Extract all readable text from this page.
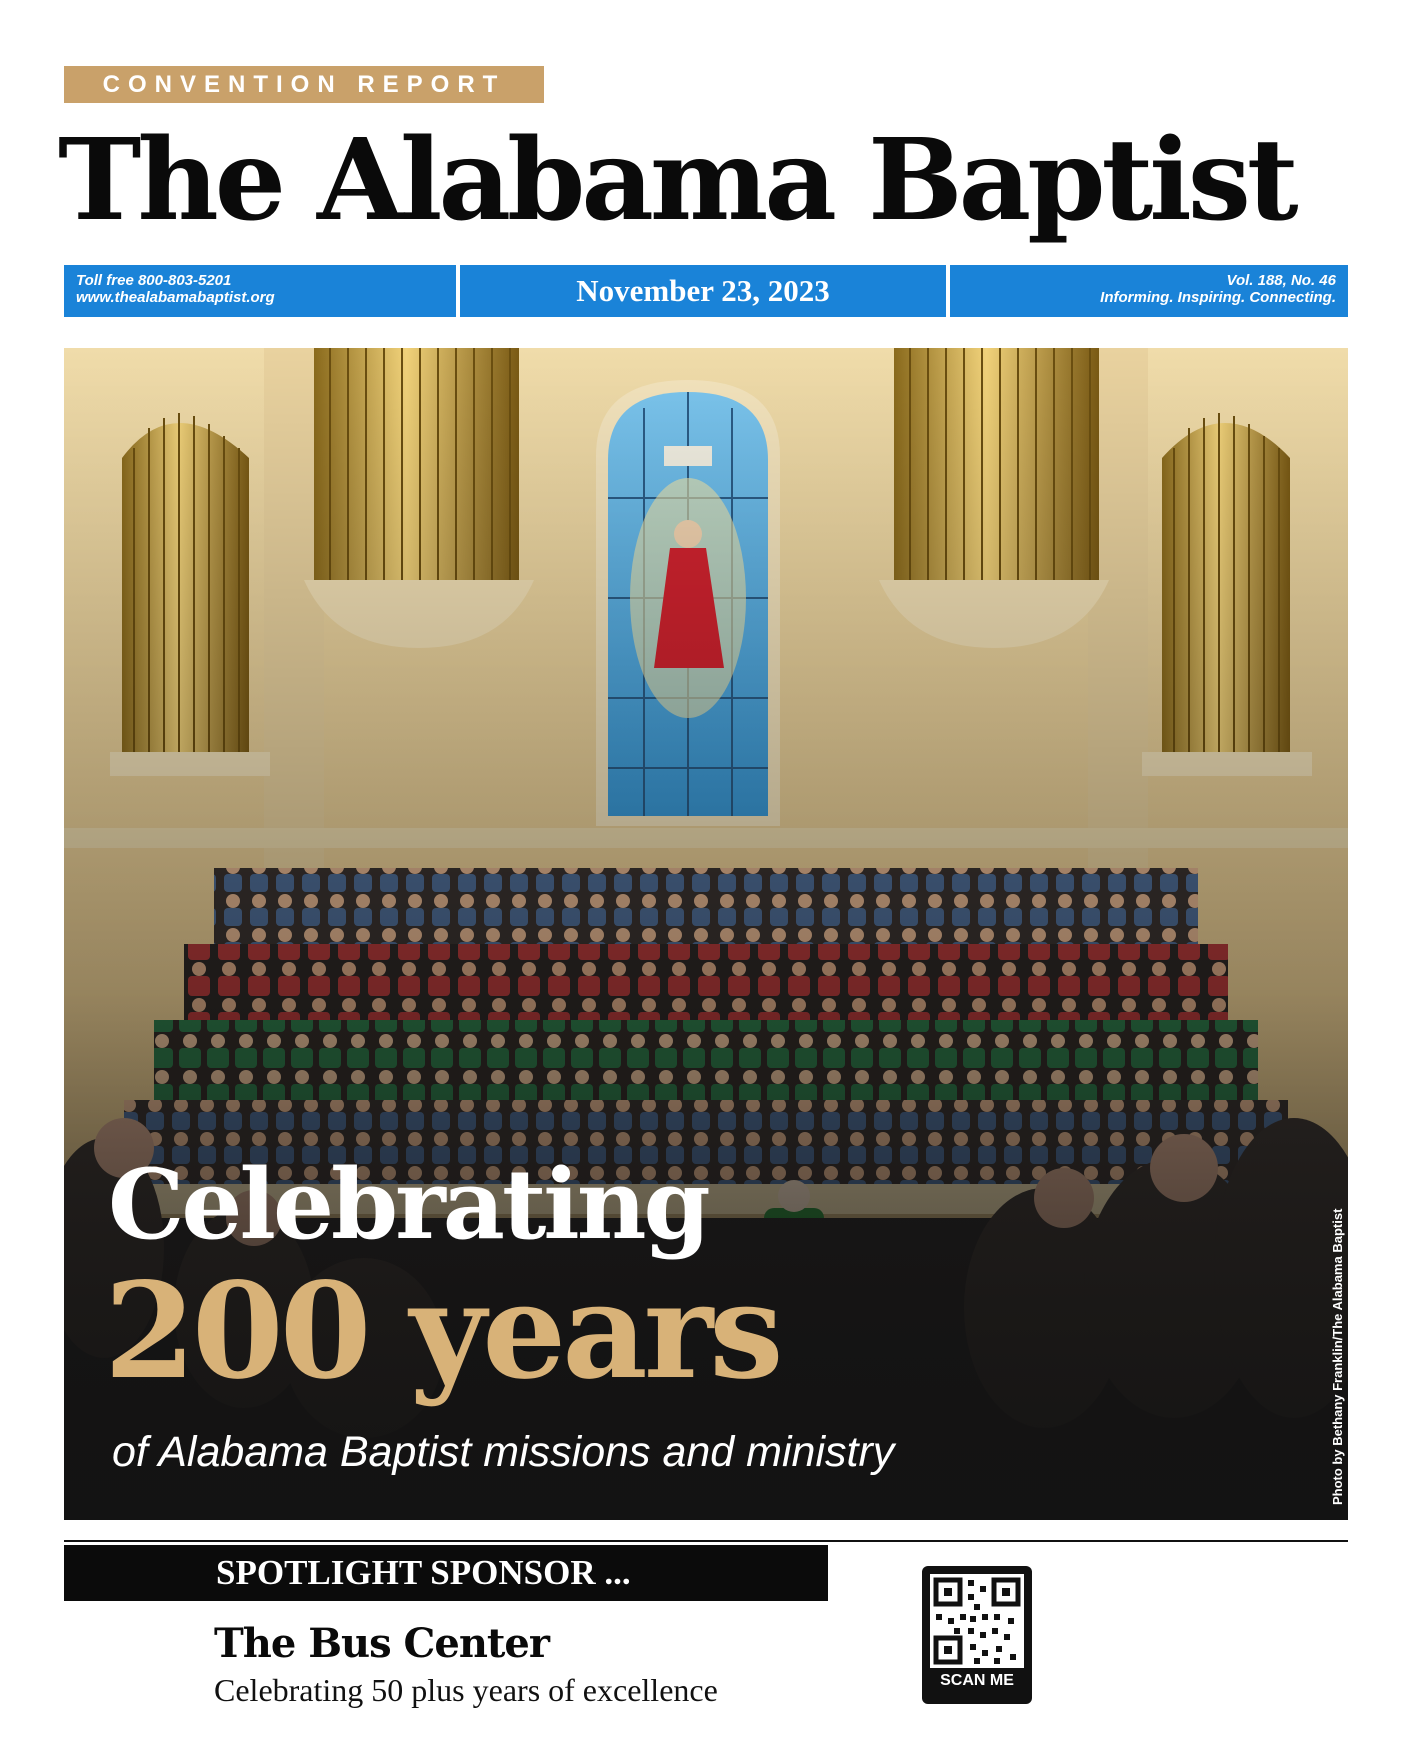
CONVENTION REPORT
The Alabama Baptist
Toll free 800-803-5201
www.thealabamabaptist.org	November 23, 2023	Vol. 188, No. 46
Informing. Inspiring. Connecting.
Celebrating
200 years
of Alabama Baptist missions and ministry	Photo by Bethany Franklin/The Alabama Baptist
SPOTLIGHT SPONSOR ...
The Bus Center
Celebrating 50 plus years of excellence	SCAN ME
